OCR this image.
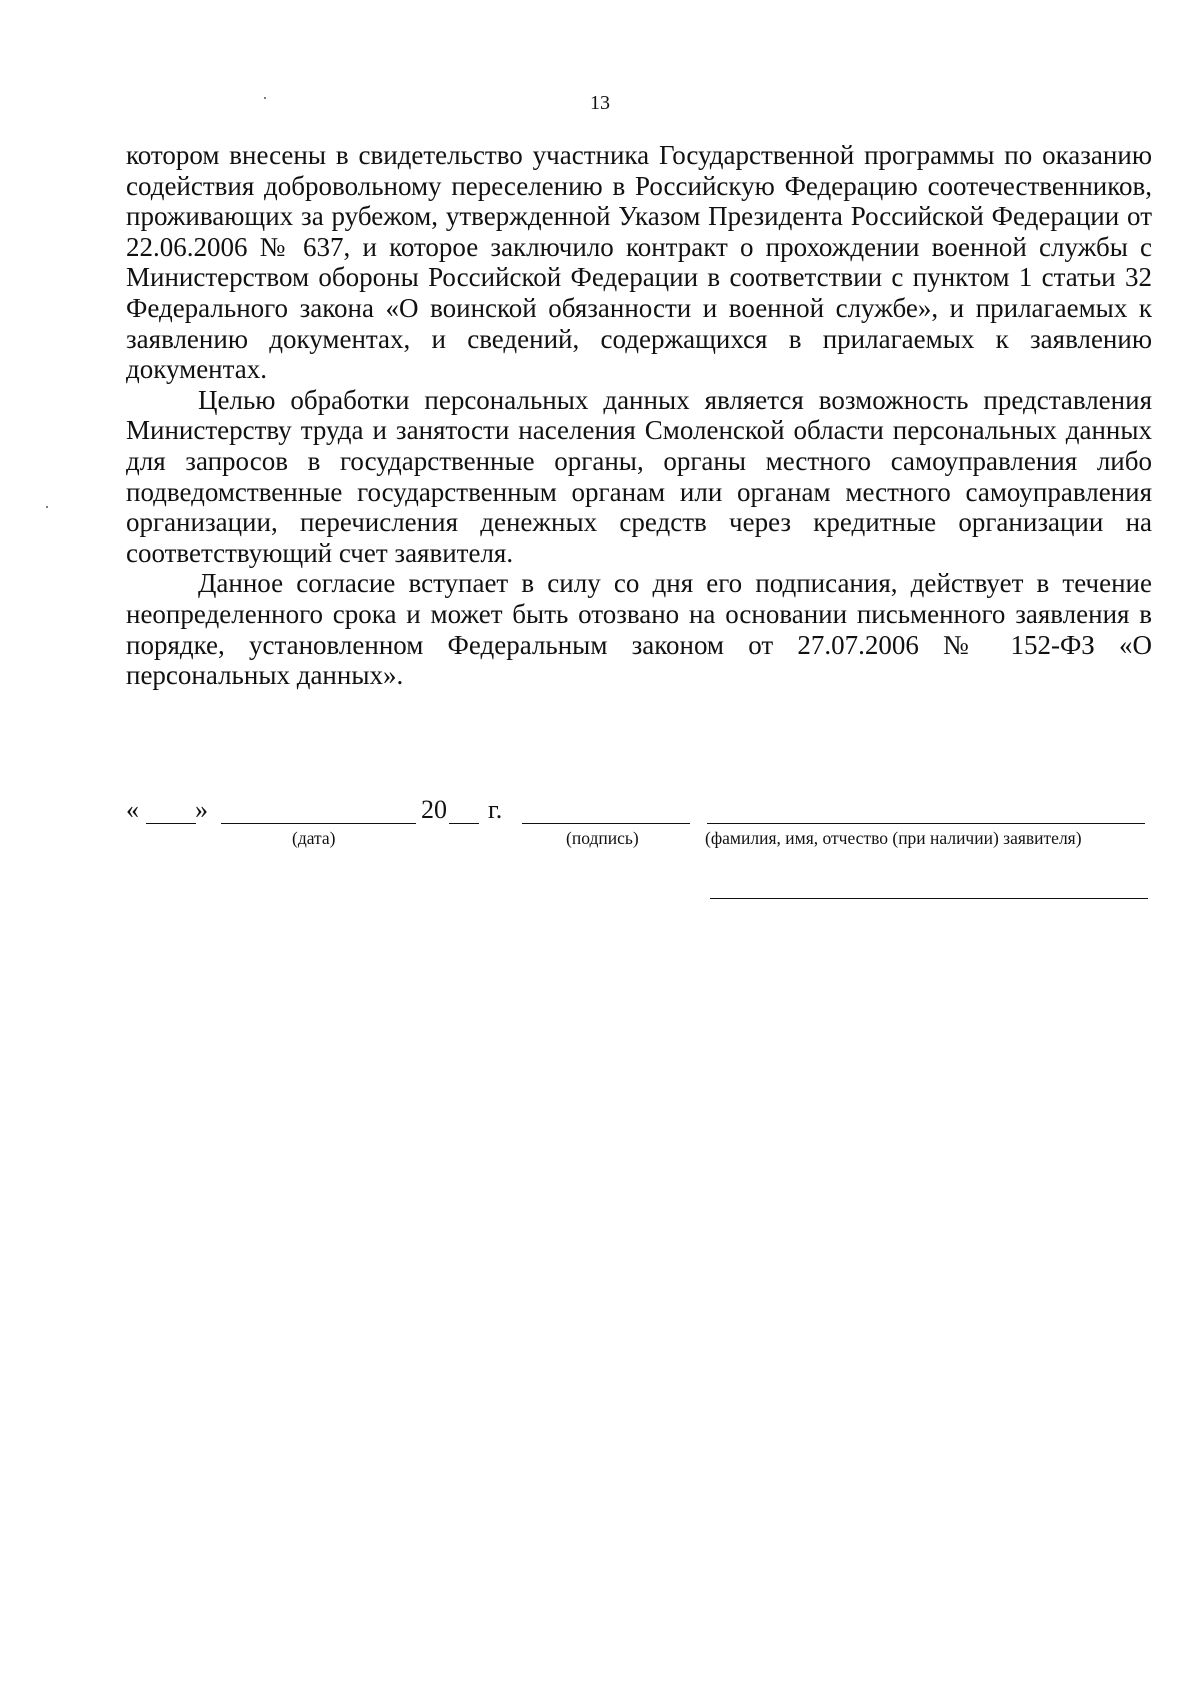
13

котором внесены в свидетельство участника Государственной программы по оказанию содействия добровольному переселению в Российскую Федерацию соотечественников, проживающих за рубежом, утвержденной Указом Президента Российской Федерации от 22.06.2006 № 637, и которое заключило контракт о прохождении военной службы с Министерством обороны Российской Федерации в соответствии с пунктом 1 статьи 32 Федерального закона «О воинской обязанности и военной службе», и прилагаемых к заявлению документах, и сведений, содержащихся в прилагаемых к заявлению документах.

Целью обработки персональных данных является возможность представления Министерству труда и занятости населения Смоленской области персональных данных для запросов в государственные органы, органы местного самоуправления либо подведомственные государственным органам или органам местного самоуправления организации, перечисления денежных средств через кредитные организации на соответствующий счет заявителя.

Данное согласие вступает в силу со дня его подписания, действует в течение неопределенного срока и может быть отозвано на основании письменного заявления в порядке, установленном Федеральным законом от 27.07.2006 № 152-ФЗ «О персональных данных».

« »	20 г.
(дата)	(подпись)	(фамилия, имя, отчество (при наличии) заявителя)
